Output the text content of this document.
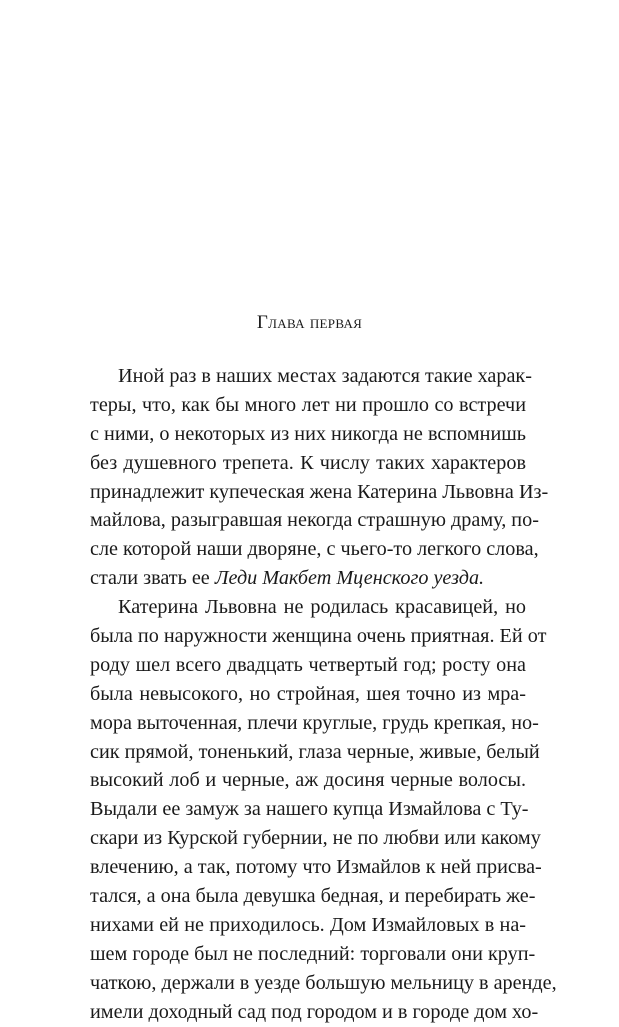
Глава первая
Иной раз в наших местах задаются такие харак-
теры, что, как бы много лет ни прошло со встречи
с ними, о некоторых из них никогда не вспомнишь
без душевного трепета. К числу таких характеров
принадлежит купеческая жена Катерина Львовна Из-
майлова, разыгравшая некогда страшную драму, по-
сле которой наши дворяне, с чьего-то легкого слова,
стали звать ее Леди Макбет Мценского уезда.
Катерина Львовна не родилась красавицей, но
была по наружности женщина очень приятная. Ей от
роду шел всего двадцать четвертый год; росту она
была невысокого, но стройная, шея точно из мра-
мора выточенная, плечи круглые, грудь крепкая, но-
сик прямой, тоненький, глаза черные, живые, белый
высокий лоб и черные, аж досиня черные волосы.
Выдали ее замуж за нашего купца Измайлова с Ту-
скари из Курской губернии, не по любви или какому
влечению, а так, потому что Измайлов к ней присва-
тался, а она была девушка бедная, и перебирать же-
нихами ей не приходилось. Дом Измайловых в на-
шем городе был не последний: торговали они круп-
чаткою, держали в уезде большую мельницу в аренде,
имели доходный сад под городом и в городе дом хо-
